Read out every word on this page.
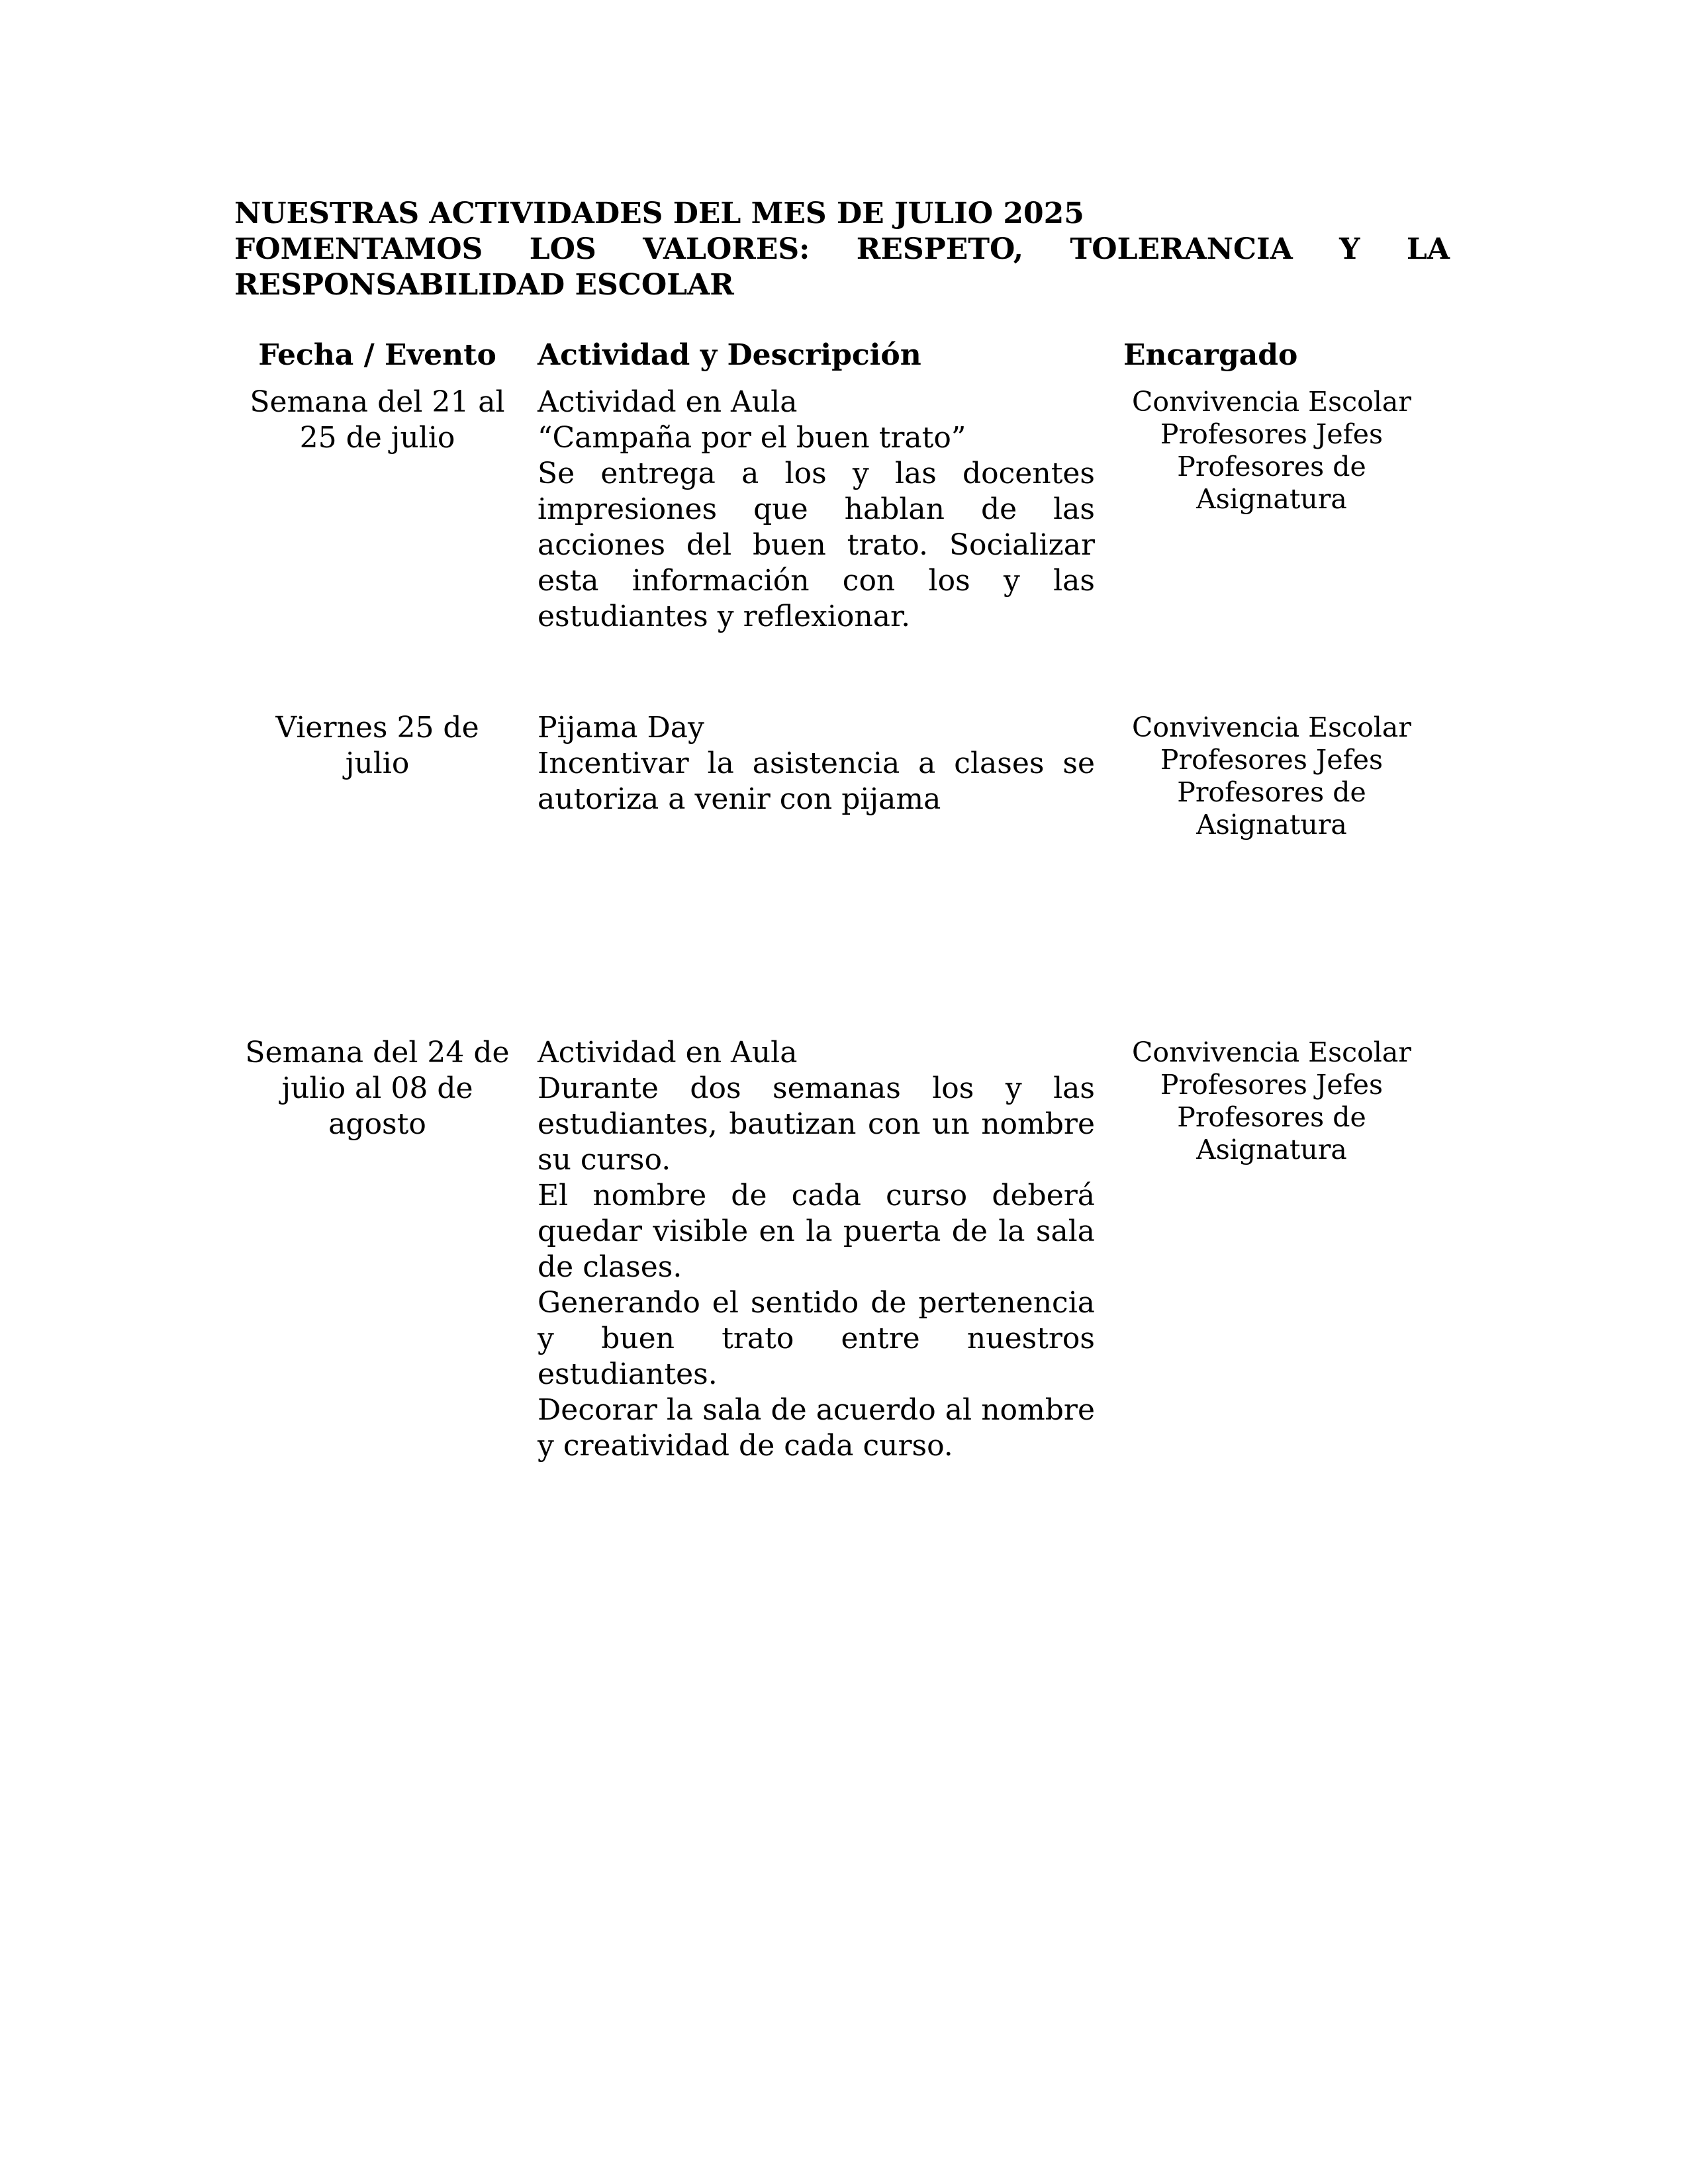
NUESTRAS ACTIVIDADES DEL MES DE JULIO 2025
FOMENTAMOS LOS VALORES: RESPETO, TOLERANCIA Y LA
RESPONSABILIDAD ESCOLAR
Fecha / Evento	Actividad y Descripción	Encargado
Semana del 21 al 25 de julio
Actividad en Aula
“Campaña por el buen trato”
Se entrega a los y las docentes impresiones que hablan de las acciones del buen trato. Socializar esta información con los y las estudiantes y reflexionar.
Convivencia Escolar
Profesores Jefes
Profesores de
Asignatura
Viernes 25 de julio
Pijama Day
Incentivar la asistencia a clases se autoriza a venir con pijama
Convivencia Escolar
Profesores Jefes
Profesores de
Asignatura
Semana del 24 de julio al 08 de agosto
Actividad en Aula
Durante dos semanas los y las estudiantes, bautizan con un nombre su curso.
El nombre de cada curso deberá quedar visible en la puerta de la sala de clases.
Generando el sentido de pertenencia y buen trato entre nuestros estudiantes.
Decorar la sala de acuerdo al nombre y creatividad de cada curso.
Convivencia Escolar
Profesores Jefes
Profesores de
Asignatura
